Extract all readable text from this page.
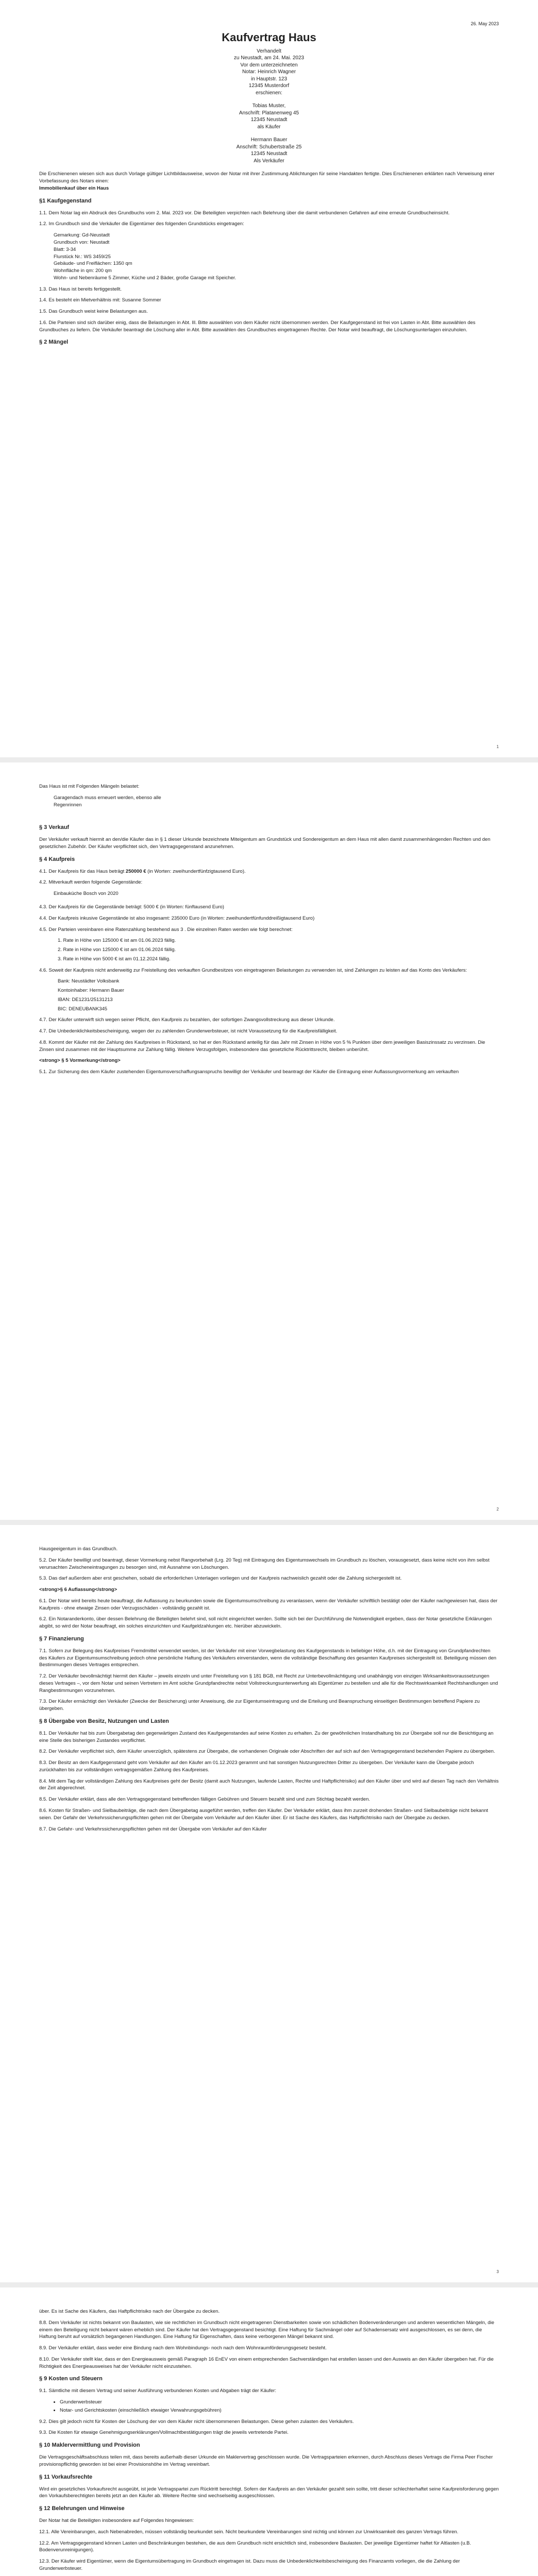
26. May 2023
Kaufvertrag Haus
Verhandelt
zu Neustadt, am 24. Mai. 2023
Vor dem unterzeichneten
Notar: Heinrich Wagner
in Hauptstr. 123
12345 Musterdorf
erschienen:
Tobias Muster,
Anschrift: Platanenweg 45
12345 Neustadt
als Käufer
Hermann Bauer
Anschrift: Schubertstraße 25
12345 Neustadt
Als Verkäufer

Die Erschienenen wiesen sich aus durch Vorlage gültiger Lichtbildausweise, wovon der Notar mit ihrer Zustimmung Ablichtungen für seine Handakten fertigte. Dies Erschienenen erklärten nach Verweisung einer Vorbefassung des Notars einen:

Immobilienkauf über ein Haus

§1 Kaufgegenstand

1.1. Dem Notar lag ein Abdruck des Grundbuchs vom 2. Mai. 2023 vor. Die Beteiligten verpichten nach Belehrung über die damit verbundenen Gefahren auf eine erneute Grundbucheinsicht.

1.2. Im Grundbuch sind die Verkäufer die Eigentümer des folgenden Grundstücks eingetragen:

Gemarkung: Gd-Neustadt
Grundbuch von: Neustadt
Blatt: 3-34
Flurstück Nr.: WS 3459/25
Gebäude- und Freiflächen: 1350 qm
Wohnfläche in qm: 200 qm
Wohn- und Nebenräume 5 Zimmer, Küche und 2 Bäder, große Garage mit Speicher.

1.3. Das Haus ist bereits fertiggestellt.

1.4. Es besteht ein Mietverhältnis mit: Susanne Sommer

1.5. Das Grundbuch weist keine Belastungen aus.

1.6. Die Parteien sind sich darüber einig, dass die Belastungen in Abt. Ill. Bitte auswählen von dem Käufer nicht übernommen werden. Der Kaufgegenstand ist frei von Lasten in Abt. Bitte auswählen des Grundbuches zu liefern. Die Verkäufer beantragt die Löschung aller in Abt. Bitte auswählen des Grundbuches eingetragenen Rechte. Der Notar wird beauftragt, die Löschungsunterlagen einzuholen.

§ 2 Mängel
1

Das Haus ist mit Folgenden Mängeln belastet:

Garagendach muss erneuert werden, ebenso alle
Regenrinnen
§ 3 Verkauf

Der Verkäufer verkauft hiermit an den/die Käufer das in § 1 dieser Urkunde bezeichnete Miteigentum am Grundstück und Sondereigentum an dem Haus mit allen damit zusammenhängenden Rechten und den gesetzlichen Zubehör. Der Käufer verpflichtet sich, den Vertragsgegenstand anzunehmen.

§ 4 Kaufpreis

4.1. Der Kaufpreis für das Haus beträgt 250000 € (in Worten: zweihundertfünfzigtausend Euro).

4.2. Mitverkauft werden folgende Gegenstände:

Einbauküche Bosch von 2020

4.3. Der Kaufpreis für die Gegenstände beträgt: 5000 € (in Worten: fünftausend Euro)

4.4. Der Kaufpreis inkusive Gegenstände ist also insgesamt: 235000 Euro (in Worten: zweihundertfünfunddreißigtausend Euro)

4.5. Der Parteien vereinbaren eine Ratenzahlung bestehend aus 3 . Die einzelnen Raten werden wie folgt berechnet:

1. Rate in Höhe von 125000 € ist am 01.06.2023 fällig.
2. Rate in Höhe von 125000 € ist am 01.06.2024 fällig.
3. Rate in Höhe von 5000 € ist am 01.12.2024 fällig.

4.6. Soweit der Kaufpreis nicht anderweitig zur Freistellung des verkauften Grundbesitzes von eingetragenen Belastungen zu verwenden ist, sind Zahlungen zu leisten auf das Konto des Verkäufers:

Bank: Neustädter Volksbank
Kontoinhaber: Hermann Bauer
IBAN: DE1231/25131213
BIC: DENEUBANK345

4.7. Der Käufer unterwirft sich wegen seiner Pflicht, den Kaufpreis zu bezahlen, der sofortigen Zwangsvollstreckung aus dieser Urkunde.

4.7. Die Unbedenklichkeitsbescheinigung, wegen der zu zahlenden Grunderwerbsteuer, ist nicht Voraussetzung für die Kaufpreisfälligkeit.

4.8. Kommt der Käufer mit der Zahlung des Kaufpreises in Rückstand, so hat er den Rückstand anteilig für das Jahr mit Zinsen in Höhe von 5 % Punkten über dem jeweiligen Basiszinssatz zu verzinsen. Die Zinsen sind zusammen mit der Hauptsumme zur Zahlung fällig. Weitere Verzugsfolgen, insbesondere das gesetzliche Rücktrittsrecht, bleiben unberührt.

<strong> § 5 Vormerkung</strong>

5.1. Zur Sicherung des dem Käufer zustehenden Eigentumsverschaffungsanspruchs bewilligt der Verkäufer und beantragt der Käufer die Eintragung einer Auflassungsvormerkung am verkauften

2

Hausgeeigentum in das Grundbuch.

5.2. Der Käufer bewilligt und beantragt, dieser Vormerkung nebst Rangvorbehalt (Lrg. 20 Teg) mit Eintragung des Eigentumswechsels im Grundbuch zu löschen, vorausgesetzt, dass keine nicht von ihm selbst verursachten Zwischeneintragungen zu besorgen sind, mit Ausnahme von Löschungen.

5.3. Das darf außerdem aber erst geschehen, sobald die erforderlichen Unterlagen vorliegen und der Kaufpreis nachweislich gezahlt oder die Zahlung sichergestellt ist.

<strong>§ 6 Auflassung</strong>

6.1. Der Notar wird bereits heute beauftragt, die Auflassung zu beurkunden sowie die Eigentumsumschreibung zu veranlassen, wenn der Verkäufer schriftlich bestätigt oder der Käufer nachgewiesen hat, dass der Kaufpreis - ohne etwaige Zinsen oder Verzugsschäden - vollständig gezahlt ist.

6.2. Ein Notaranderkonto, über dessen Belehrung die Beteiligten belehrt sind, soll nicht eingerichtet werden. Sollte sich bei der Durchführung die Notwendigkeit ergeben, dass der Notar gesetzliche Erklärungen abgibt, so wird der Notar beauftragt, ein solches einzurichten und Kaufgeldzahlungen etc. hierüber abzuwickeln.

§ 7 Finanzierung

7.1. Sofern zur Belegung des Kaufpreises Fremdmittel verwendet werden, ist der Verkäufer mit einer Vorwegbelastung des Kaufgegenstands in beliebiger Höhe, d.h. mit der Eintragung von Grundpfandrechten des Käufers zur Eigentumsumschreibung jedoch ohne persönliche Haftung des Verkäufers einverstanden, wenn die vollständige Beschaffung des gesamten Kaufpreises sichergestellt ist. Beteiligung müssen den Bestimmungen dieses Vertrages entsprechen.

7.2. Der Verkäufer bevollmächtigt hiermit den Käufer – jeweils einzeln und unter Freistellung von § 181 BGB, mit Recht zur Unterbevollmächtigung und unabhängig von einzigen Wirksamkeitsvoraussetzungen dieses Vertrages –, vor dem Notar und seinen Vertretern im Amt solche Grundpfandrechte nebst Vollstreckungsunterwerfung als Eigentümer zu bestellen und alle für die Rechtswirksamkeit Rechtshandlungen und Rangbestimmungen vorzunehmen.

7.3. Der Käufer ermächtigt den Verkäufer (Zwecke der Besicherung) unter Anweisung, die zur Eigentumseintragung und die Erteilung und Beanspruchung einseitigen Bestimmungen betreffend Papiere zu übergeben.

§ 8 Übergabe von Besitz, Nutzungen und Lasten

8.1. Der Verkäufer hat bis zum Übergabetag den gegenwärtigen Zustand des Kaufgegenstandes auf seine Kosten zu erhalten. Zu der gewöhnlichen Instandhaltung bis zur Übergabe soll nur die Besichtigung an eine Stelle des bisherigen Zustandes verpflichtet.

8.2. Der Verkäufer verpflichtet sich, dem Käufer unverzüglich, spätestens zur Übergabe, die vorhandenen Originale oder Abschriften der auf sich auf den Vertragsgegenstand beziehenden Papiere zu übergeben.

8.3. Der Besitz an dem Kaufgegenstand geht vom Verkäufer auf den Käufer am 01.12.2023 gerammt und hat sonstigen Nutzungsrechten Dritter zu übergeben. Der Verkäufer kann die Übergabe jedoch zurückhalten bis zur vollständigen vertragsgemäßen Zahlung des Kaufpreises.

8.4. Mit dem Tag der vollständigen Zahlung des Kaufpreises geht der Besitz (damit auch Nutzungen, laufende Lasten, Rechte und Haftpflichtrisiko) auf den Käufer über und wird auf diesen Tag nach den Verhältnis der Zeit abgerechnet.

8.5. Der Verkäufer erklärt, dass alle den Vertragsgegenstand betreffenden fälligen Gebühren und Steuern bezahlt sind und zum Stichtag bezahlt werden.

8.6. Kosten für Straßen- und Sielbaubeiträge, die nach dem Übergabetag ausgeführt werden, treffen den Käufer. Der Verkäufer erklärt, dass ihm zurzeit drohenden Straßen- und Sielbaubeiträge nicht bekannt seien. Der Gefahr der Verkehrssicherungspflichten gehen mit der Übergabe vom Verkäufer auf den Käufer über. Er ist Sache des Käufers, das Haftpflichtrisiko nach der Übergabe zu decken.

8.7. Die Gefahr- und Verkehrssicherungspflichten gehen mit der Übergabe vom Verkäufer auf den Käufer

3

über. Es ist Sache des Käufers, das Haftpflichtrisiko nach der Übergabe zu decken.

8.8. Dem Verkäufer ist nichts bekannt von Baulasten, wie sie rechtlichen im Grundbuch nicht eingetragenen Dienstbarkeiten sowie von schädlichen Bodenveränderungen und anderen wesentlichen Mängeln, die einem den Beteiligung nicht bekannt wären erheblich sind. Der Käufer hat den Vertragsgegenstand besichtigt. Eine Haftung für Sachmängel oder auf Schadensersatz wird ausgeschlossen, es sei denn, die Haftung beruht auf vorsätzlich begangenen Handlungen. Eine Haftung für Eigenschaften, dass keine verborgenen Mängel bekannt sind.

8.9. Der Verkäufer erklärt, dass weder eine Bindung nach dem Wohnbindungs- noch nach dem Wohnraumförderungsgesetz besteht.

8.10. Der Verkäufer stellt klar, dass er den Energieausweis gemäß Paragraph 16 EnEV von einem entsprechenden Sachverständigen hat erstellen lassen und den Ausweis an den Käufer übergeben hat. Für die Richtigkeit des Energieausweises hat der Verkäufer nicht einzustehen.

§ 9 Kosten und Steuern

9.1. Sämtliche mit diesem Vertrag und seiner Ausführung verbundenen Kosten und Abgaben trägt der Käufer:

• Grunderwerbsteuer
• Notar- und Gerichtskosten (einschließlich etwaiger Verwahrungsgebühren)

9.2. Dies gilt jedoch nicht für Kosten der Löschung der von dem Käufer nicht übernommenen Belastungen. Diese gehen zulasten des Verkäufers.

9.3. Die Kosten für etwaige Genehmigungserklärungen/Vollmachtbestätigungen trägt die jeweils vertretende Partei.

§ 10 Maklervermittlung und Provision

Die Vertragsgeschäftsabschluss teilen mit, dass bereits außerhalb dieser Urkunde ein Maklervertrag geschlossen wurde. Die Vertragsparteien erkennen, durch Abschluss dieses Vertrags die Firma Peer Fischer provisionspflichtig geworden ist bei einer Provisionshöhe im Vertrag vereinbart.

§ 11 Vorkaufsrechte

Wird ein gesetzliches Vorkaufsrecht ausgeübt, ist jede Vertragspartei zum Rücktritt berechtigt. Sofern der Kaufpreis an den Verkäufer gezahlt sein sollte, tritt dieser schlechterhaftet seine Kaufpreisforderung gegen den Vorkaufsberechtigten bereits jetzt an den Käufer ab. Weitere Rechte sind wechselseitig ausgeschlossen.

§ 12 Belehrungen und Hinweise

Der Notar hat die Beteiligten insbesondere auf Folgendes hingewiesen:

12.1. Alle Vereinbarungen, auch Nebenabreden, müssen vollständig beurkundet sein. Nicht beurkundete Vereinbarungen sind nichtig und können zur Unwirksamkeit des ganzen Vertrags führen.

12.2. Am Vertragsgegenstand können Lasten und Beschränkungen bestehen, die aus dem Grundbuch nicht ersichtlich sind, insbesondere Baulasten. Der jeweilige Eigentümer haftet für Altlasten (u.B. Bodenverunreinigungen).

12.3. Der Käufer wird Eigentümer, wenn die Eigentumsübertragung im Grundbuch eingetragen ist. Dazu muss die Unbedenklichkeitsbescheinigung des Finanzamts vorliegen, die die Zahlung der Grunderwerbsteuer.
